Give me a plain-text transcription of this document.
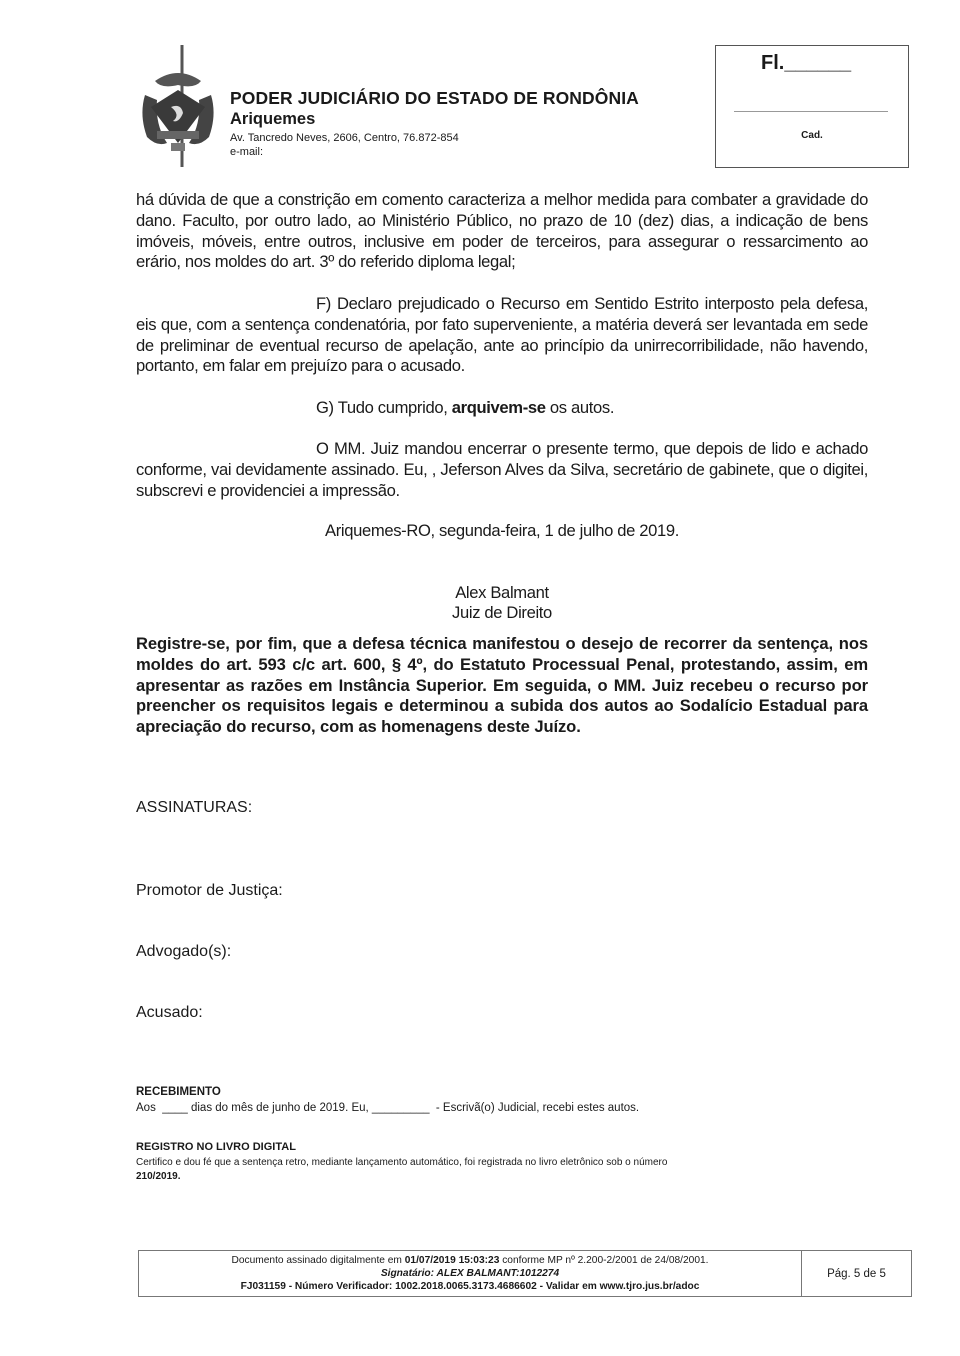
PODER JUDICIÁRIO DO ESTADO DE RONDÔNIA
Ariquemes
Av. Tancredo Neves, 2606, Centro, 76.872-854
e-mail:
Fl.______
Cad.

há dúvida de que a constrição em comento caracteriza a melhor medida para combater a gravidade do dano. Faculto, por outro lado, ao Ministério Público, no prazo de 10 (dez) dias, a indicação de bens imóveis, móveis, entre outros, inclusive em poder de terceiros, para assegurar o ressarcimento ao erário, nos moldes do art. 3º do referido diploma legal;

F) Declaro prejudicado o Recurso em Sentido Estrito interposto pela defesa, eis que, com a sentença condenatória, por fato superveniente, a matéria deverá ser levantada em sede de preliminar de eventual recurso de apelação, ante ao princípio da unirrecorribilidade, não havendo, portanto, em falar em prejuízo para o acusado.

G) Tudo cumprido, arquivem-se os autos.

O MM. Juiz mandou encerrar o presente termo, que depois de lido e achado conforme, vai devidamente assinado. Eu, , Jeferson Alves da Silva, secretário de gabinete, que o digitei, subscrevi e providenciei a impressão.

Ariquemes-RO, segunda-feira, 1 de julho de 2019.
Alex Balmant
Juiz de Direito

Registre-se, por fim, que a defesa técnica manifestou o desejo de recorrer da sentença, nos moldes do art. 593 c/c art. 600, § 4º, do Estatuto Processual Penal, protestando, assim, em apresentar as razões em Instância Superior. Em seguida, o MM. Juiz recebeu o recurso por preencher os requisitos legais e determinou a subida dos autos ao Sodalício Estadual para apreciação do recurso, com as homenagens deste Juízo.

ASSINATURAS:
Promotor de Justiça:
Advogado(s):
Acusado:
RECEBIMENTO
Aos  ____ dias do mês de junho de 2019. Eu, _________  - Escrivã(o) Judicial, recebi estes autos.
REGISTRO NO LIVRO DIGITAL
Certifico e dou fé que a sentença retro, mediante lançamento automático, foi registrada no livro eletrônico sob o número
210/2019.
Documento assinado digitalmente em 01/07/2019 15:03:23 conforme MP nº 2.200-2/2001 de 24/08/2001.
Signatário: ALEX BALMANT:1012274
FJ031159 - Número Verificador: 1002.2018.0065.3173.4686602 - Validar em www.tjro.jus.br/adoc
Pág. 5 de 5
